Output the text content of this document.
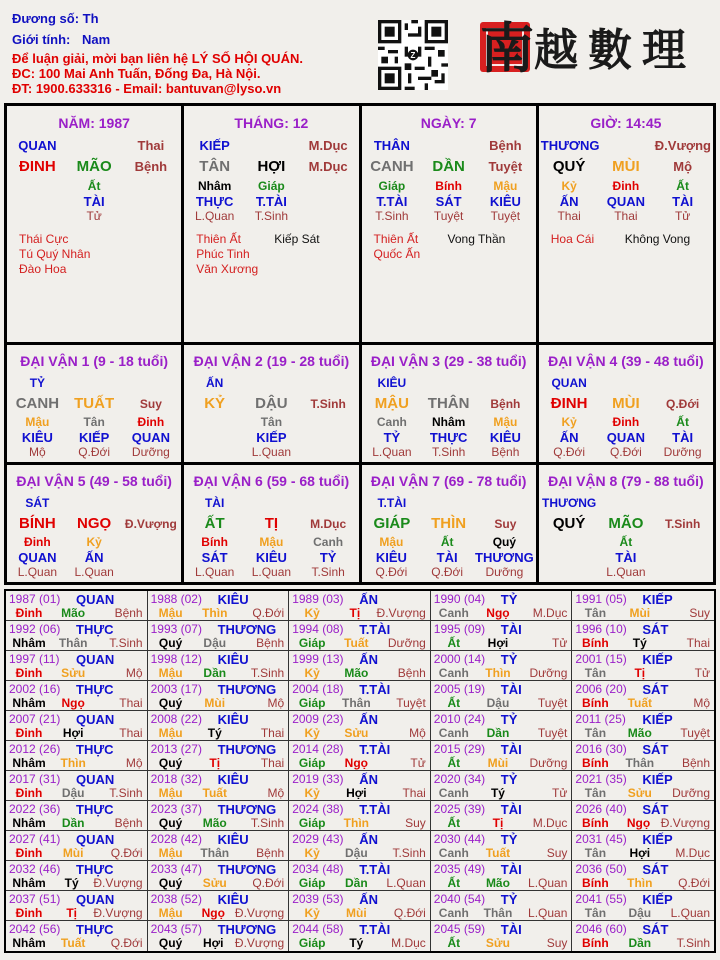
Đương số: Th
Giới tính: Nam
Để luận giải, mời bạn liên hệ LÝ SỐ HỘI QUÁN.
ĐC: 100 Mai Anh Tuấn, Đống Đa, Hà Nội.
ĐT: 1900.633316 - Email: bantuvan@lyso.vn
Z 南 越數理
NĂM: 1987
QUAN	Thai
ĐINH	MÃO	Bệnh
Ất
TÀI
Tử
Thái Cực
Tú Quý Nhân
Đào Hoa
THÁNG: 12
KIẾP	M.Dục
TÂN	HỢI	M.Dục
Nhâm
THỰC
L.Quan
Giáp
T.TÀI
T.Sinh
Thiên Ất
Phúc Tinh
Văn Xương
Kiếp Sát
NGÀY: 7
THÂN	Bệnh
CANH	DẦN	Tuyệt
Giáp
T.TÀI
T.Sinh
Bính
SÁT
Tuyệt
Mậu
KIÊU
Tuyệt
Thiên Ất
Quốc Ấn
Vong Thần
GIỜ: 14:45
THƯƠNG	Đ.Vượng
QUÝ	MÙI	Mộ
Kỷ
ẤN
Thai
Đinh
QUAN
Thai
Ất
TÀI
Tử
Hoa Cái	Không Vong
ĐẠI VẬN 1 (9 - 18 tuổi)
TỶ
CANH	TUẤT	Suy
Mậu
KIÊU
Mộ
Tân
KIẾP
Q.Đới
Đinh
QUAN
Dưỡng
ĐẠI VẬN 2 (19 - 28 tuổi)
ẤN
KỶ	DẬU	T.Sinh
Tân
KIẾP
L.Quan
ĐẠI VẬN 3 (29 - 38 tuổi)
KIÊU
MẬU	THÂN	Bệnh
Canh
TỶ
L.Quan
Nhâm
THỰC
T.Sinh
Mậu
KIÊU
Bệnh
ĐẠI VẬN 4 (39 - 48 tuổi)
QUAN
ĐINH	MÙI	Q.Đới
Kỷ
ẤN
Q.Đới
Đinh
QUAN
Q.Đới
Ất
TÀI
Dưỡng
ĐẠI VẬN 5 (49 - 58 tuổi)
SÁT
BÍNH	NGỌ	Đ.Vượng
Đinh
QUAN
L.Quan
Kỷ
ẤN
L.Quan
ĐẠI VẬN 6 (59 - 68 tuổi)
TÀI
ẤT	TỊ	M.Dục
Bính
SÁT
L.Quan
Mậu
KIÊU
L.Quan
Canh
TỶ
T.Sinh
ĐẠI VẬN 7 (69 - 78 tuổi)
T.TÀI
GIÁP	THÌN	Suy
Mậu
KIÊU
Q.Đới
Ất
TÀI
Q.Đới
Quý
THƯƠNG
Dưỡng
ĐẠI VẬN 8 (79 - 88 tuổi)
THƯƠNG
QUÝ	MÃO	T.Sinh
Ất
TÀI
L.Quan
1987 (01) QUAN
Đinh	Mão	Bệnh
1988 (02) KIÊU
Mậu	Thìn	Q.Đới
1989 (03) ẤN
Kỷ	Tị	Đ.Vượng
1990 (04) TỶ
Canh	Ngọ	M.Dục
1991 (05) KIẾP
Tân	Mùi	Suy
1992 (06) THỰC
Nhâm	Thân	T.Sinh
1993 (07) THƯƠNG
Quý	Dậu	Bệnh
1994 (08) T.TÀI
Giáp	Tuất	Dưỡng
1995 (09) TÀI
Ất	Hợi	Tử
1996 (10) SÁT
Bính	Tý	Thai
1997 (11) QUAN
Đinh	Sửu	Mộ
1998 (12) KIÊU
Mậu	Dần	T.Sinh
1999 (13) ẤN
Kỷ	Mão	Bệnh
2000 (14) TỶ
Canh	Thìn	Dưỡng
2001 (15) KIẾP
Tân	Tị	Tử
2002 (16) THỰC
Nhâm	Ngọ	Thai
2003 (17) THƯƠNG
Quý	Mùi	Mộ
2004 (18) T.TÀI
Giáp	Thân	Tuyệt
2005 (19) TÀI
Ất	Dậu	Tuyệt
2006 (20) SÁT
Bính	Tuất	Mộ
2007 (21) QUAN
Đinh	Hợi	Thai
2008 (22) KIÊU
Mậu	Tý	Thai
2009 (23) ẤN
Kỷ	Sửu	Mộ
2010 (24) TỶ
Canh	Dần	Tuyệt
2011 (25) KIẾP
Tân	Mão	Tuyệt
2012 (26) THỰC
Nhâm	Thìn	Mộ
2013 (27) THƯƠNG
Quý	Tị	Thai
2014 (28) T.TÀI
Giáp	Ngọ	Tử
2015 (29) TÀI
Ất	Mùi	Dưỡng
2016 (30) SÁT
Bính	Thân	Bệnh
2017 (31) QUAN
Đinh	Dậu	T.Sinh
2018 (32) KIÊU
Mậu	Tuất	Mộ
2019 (33) ẤN
Kỷ	Hợi	Thai
2020 (34) TỶ
Canh	Tý	Tử
2021 (35) KIẾP
Tân	Sửu	Dưỡng
2022 (36) THỰC
Nhâm	Dần	Bệnh
2023 (37) THƯƠNG
Quý	Mão	T.Sinh
2024 (38) T.TÀI
Giáp	Thìn	Suy
2025 (39) TÀI
Ất	Tị	M.Dục
2026 (40) SÁT
Bính	Ngọ Đ.Vượng
2027 (41) QUAN
Đinh	Mùi	Q.Đới
2028 (42) KIÊU
Mậu	Thân	Bệnh
2029 (43) ẤN
Kỷ	Dậu	T.Sinh
2030 (44) TỶ
Canh	Tuất	Suy
2031 (45) KIẾP
Tân	Hợi	M.Dục
2032 (46) THỰC
Nhâm	Tý	Đ.Vượng
2033 (47) THƯƠNG
Quý	Sửu	Q.Đới
2034 (48) T.TÀI
Giáp	Dần	L.Quan
2035 (49) TÀI
Ất	Mão	L.Quan
2036 (50) SÁT
Bính	Thìn	Q.Đới
2037 (51) QUAN
Đinh	Tị	Đ.Vượng
2038 (52) KIÊU
Mậu	Ngọ Đ.Vượng
2039 (53) ẤN
Kỷ	Mùi	Q.Đới
2040 (54) TỶ
Canh	Thân	L.Quan
2041 (55) KIẾP
Tân	Dậu	L.Quan
2042 (56) THỰC
Nhâm	Tuất	Q.Đới
2043 (57) THƯƠNG
Quý	Hợi Đ.Vượng
2044 (58) T.TÀI
Giáp	Tý	M.Dục
2045 (59) TÀI
Ất	Sửu	Suy
2046 (60) SÁT
Bính	Dần	T.Sinh
